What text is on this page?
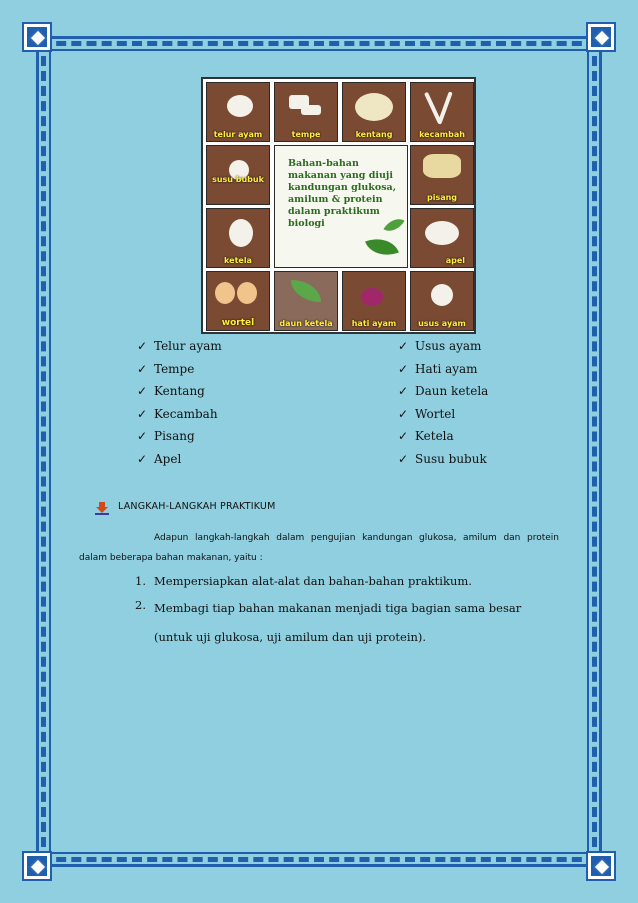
telur ayam	tempe	kentang	kecambah
susu bubuk
ketela
pisang
apel
wortel	daun ketela	hati ayam	usus ayam
Bahan-bahan makanan yang diuji kandungan glukosa, amilum & protein dalam praktikum biologi
✓ Telur ayam
✓ Tempe
✓ Kentang
✓ Kecambah
✓ Pisang
✓ Apel
✓ Usus ayam
✓ Hati ayam
✓ Daun ketela
✓ Wortel
✓ Ketela
✓ Susu bubuk
LANGKAH-LANGKAH PRAKTIKUM
Adapun langkah-langkah dalam pengujian kandungan glukosa, amilum dan protein dalam beberapa bahan makanan, yaitu :
1. Mempersiapkan alat-alat dan bahan-bahan praktikum.
2. Membagi tiap bahan makanan menjadi tiga bagian sama besar (untuk uji glukosa, uji amilum dan uji protein).
